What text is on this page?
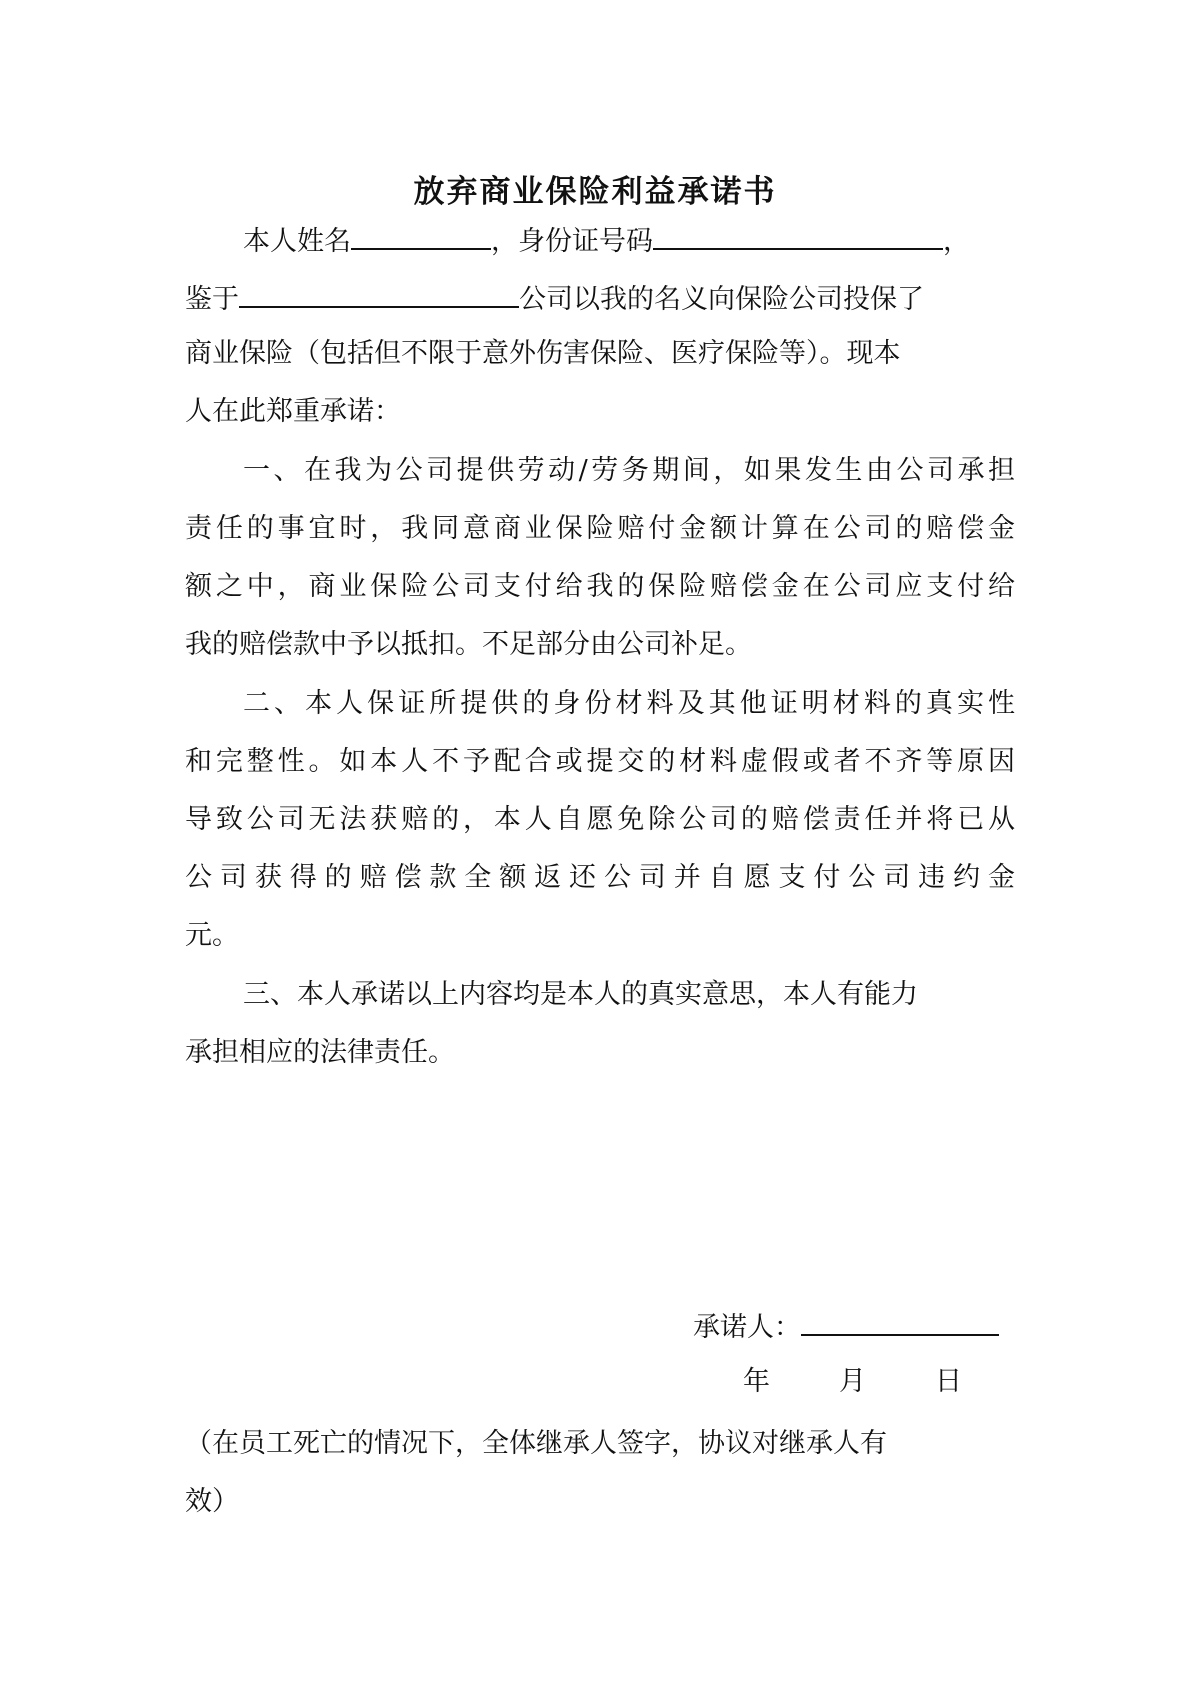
放弃商业保险利益承诺书
本人姓名	，身份证号码	，
鉴于	公司以我的名义向保险公司投保了
商业保险（包括但不限于意外伤害保险、医疗保险等）。现本
人在此郑重承诺：
一、在我为公司提供劳动/劳务期间，如果发生由公司承担
责任的事宜时，我同意商业保险赔付金额计算在公司的赔偿金
额之中，商业保险公司支付给我的保险赔偿金在公司应支付给
我的赔偿款中予以抵扣。不足部分由公司补足。
二、本人保证所提供的身份材料及其他证明材料的真实性
和完整性。如本人不予配合或提交的材料虚假或者不齐等原因
导致公司无法获赔的，本人自愿免除公司的赔偿责任并将已从
公司获得的赔偿款全额返还公司并自愿支付公司违约金
元。
三、本人承诺以上内容均是本人的真实意思，本人有能力
承担相应的法律责任。
承诺人：
年	月	日
（在员工死亡的情况下，全体继承人签字，协议对继承人有
效）
